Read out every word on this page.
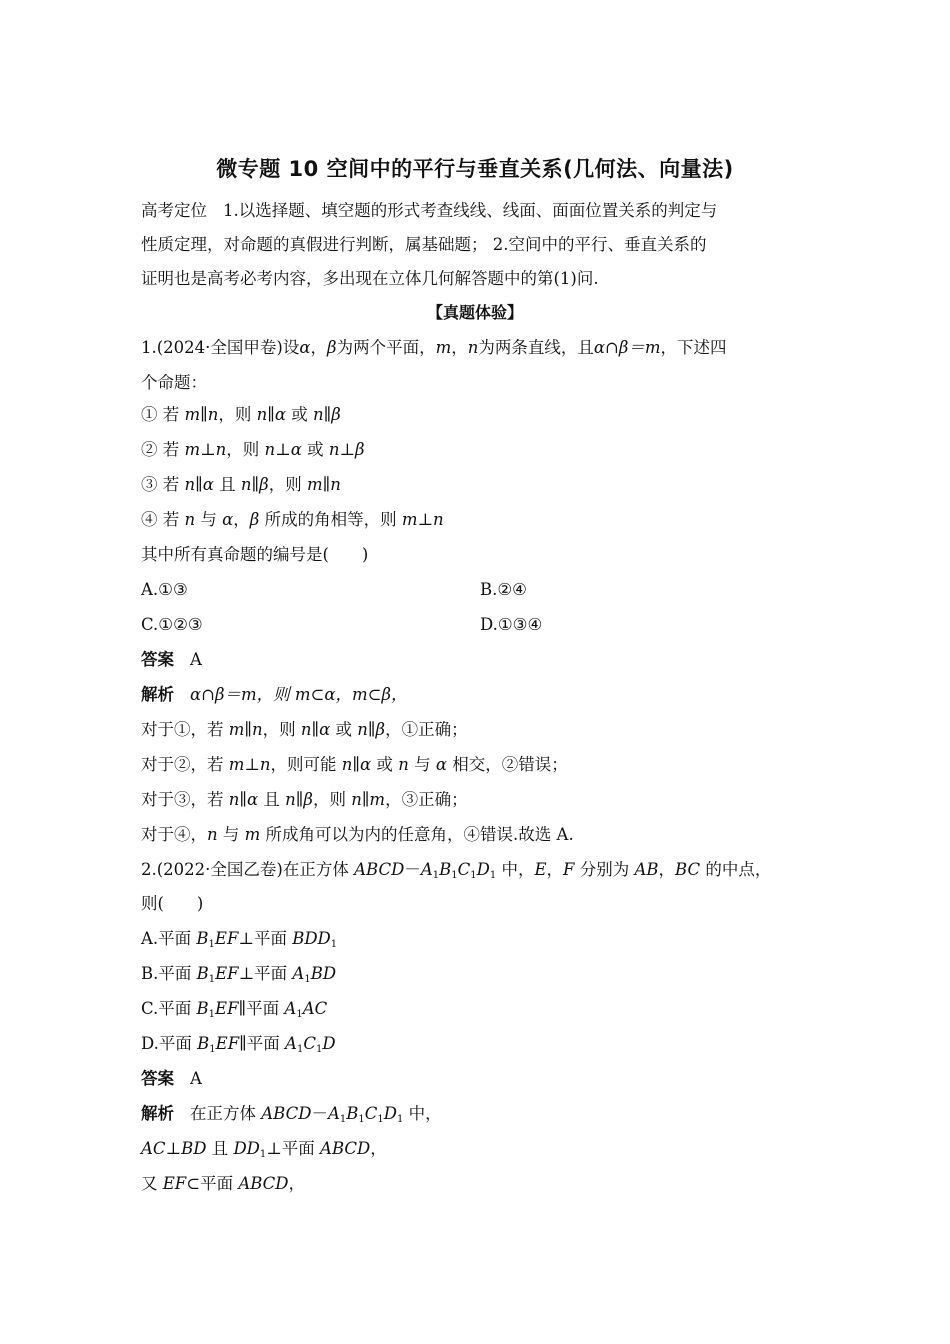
微专题 10 空间中的平行与垂直关系(几何法、向量法)
高考定位 1.以选择题、填空题的形式考查线线、线面、面面位置关系的判定与
性质定理，对命题的真假进行判断，属基础题； 2.空间中的平行、垂直关系的
证明也是高考必考内容，多出现在立体几何解答题中的第(1)问.
【真题体验】
1.(2024·全国甲卷)设α，β为两个平面，m，n为两条直线，且α∩β＝m，下述四
个命题：
① 若 m∥n，则 n∥α 或 n∥β
② 若 m⊥n，则 n⊥α 或 n⊥β
③ 若 n∥α 且 n∥β，则 m∥n
④ 若 n 与 α，β 所成的角相等，则 m⊥n
其中所有真命题的编号是(　　)
A.①③	B.②④
C.①②③	D.①③④
答案 A
解析 α∩β＝m，则 m⊂α，m⊂β，
对于①，若 m∥n，则 n∥α 或 n∥β，①正确；
对于②，若 m⊥n，则可能 n∥α 或 n 与 α 相交，②错误；
对于③，若 n∥α 且 n∥β，则 n∥m，③正确；
对于④，n 与 m 所成角可以为内的任意角，④错误.故选 A.
2.(2022·全国乙卷)在正方体 $ABCD-A_1B_1C_1D_1$ 中，E，F 分别为 AB，BC 的中点，
则(　　)
A.平面 $B_1EF\perp$平面 $BDD_1$
B.平面 $B_1EF\perp$平面 $A_1BD$
C.平面 $B_1EF\parallel$平面 $A_1AC$
D.平面 $B_1EF\parallel$平面 $A_1C_1D$
答案 A
解析 在正方体 $ABCD-A_1B_1C_1D_1$ 中，
AC⊥BD 且 $DD_1\perp$平面 ABCD，
又 EF⊂平面 ABCD，
